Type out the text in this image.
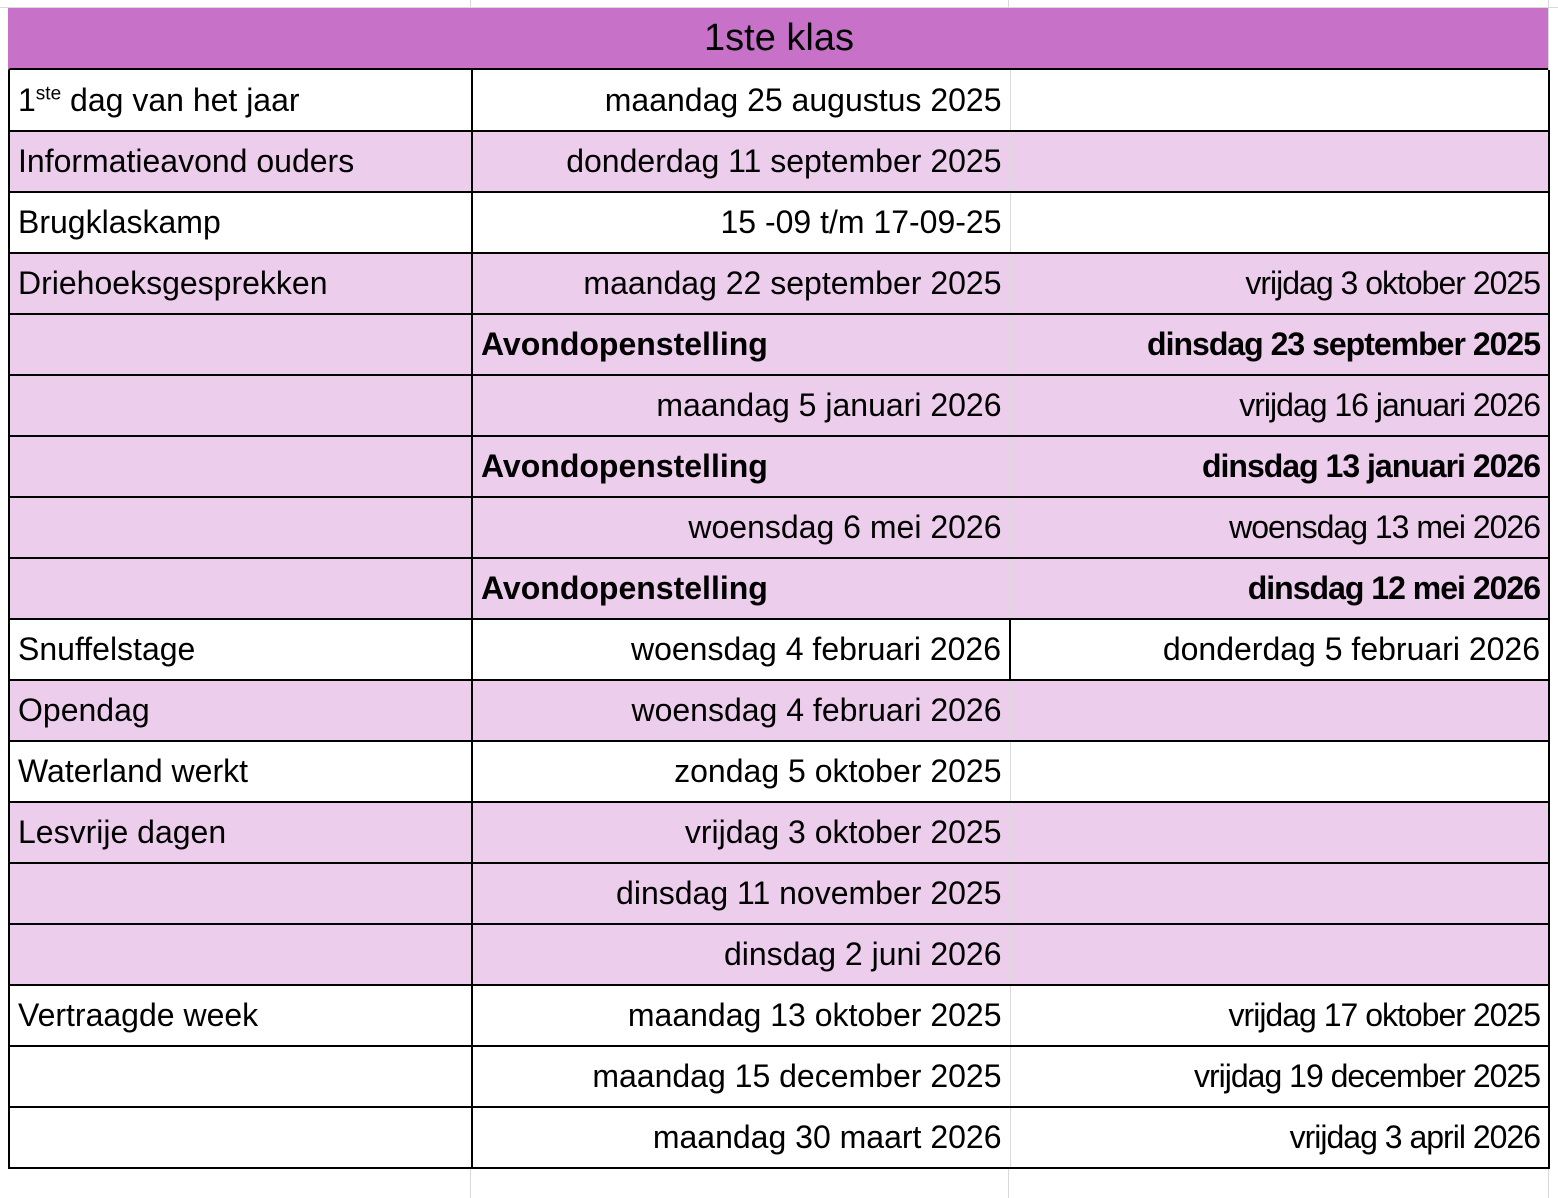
1ste klas
1ste dag van het jaar	maandag 25 augustus 2025	
Informatieavond ouders	donderdag 11 september 2025	
Brugklaskamp	15 -09 t/m 17-09-25	
Driehoeksgesprekken	maandag 22 september 2025	vrijdag 3 oktober 2025
	Avondopenstelling	dinsdag 23 september 2025
	maandag 5 januari 2026	vrijdag 16 januari 2026
	Avondopenstelling	dinsdag 13 januari 2026
	woensdag 6 mei 2026	woensdag 13 mei 2026
	Avondopenstelling	dinsdag 12 mei 2026
Snuffelstage	woensdag 4 februari 2026	donderdag 5 februari 2026
Opendag	woensdag 4 februari 2026	
Waterland werkt	zondag 5 oktober 2025	
Lesvrije dagen	vrijdag 3 oktober 2025	
	dinsdag 11 november 2025	
	dinsdag 2 juni 2026	
Vertraagde week	maandag 13 oktober 2025	vrijdag 17 oktober 2025
	maandag 15 december 2025	vrijdag 19 december 2025
	maandag 30 maart 2026	vrijdag 3 april 2026
